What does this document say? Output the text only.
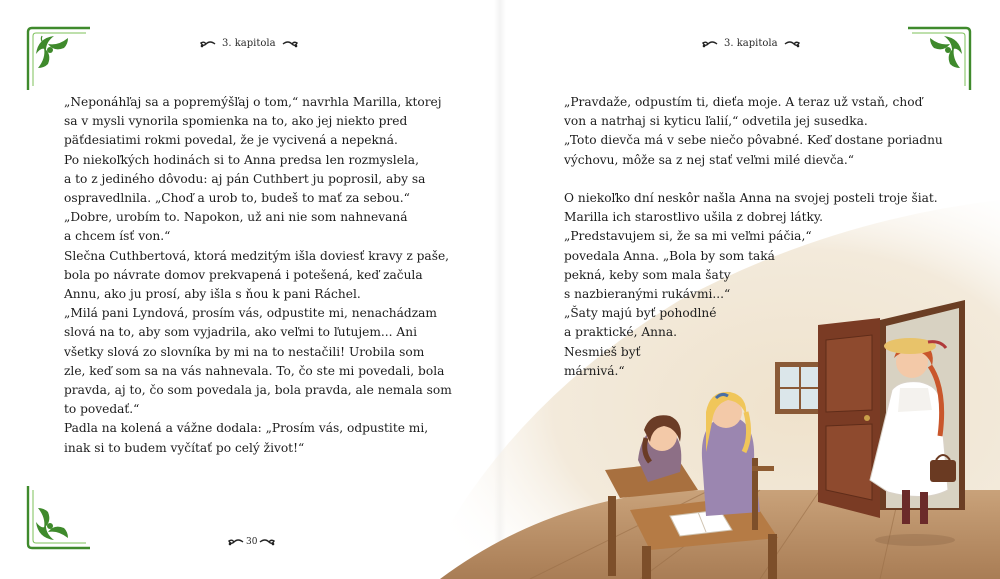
3. kapitola
„Neponáhľaj sa a popremýšľaj o tom,“ navrhla Marilla, ktorej
sa v mysli vynorila spomienka na to, ako jej niekto pred
päťdesiatimi rokmi povedal, že je vycivená a nepekná.
Po niekoľkých hodinách si to Anna predsa len rozmyslela,
a to z jediného dôvodu: aj pán Cuthbert ju poprosil, aby sa
ospravedlnila. „Choď a urob to, budeš to mať za sebou.“
„Dobre, urobím to. Napokon, už ani nie som nahnevaná
a chcem ísť von.“
Slečna Cuthbertová, ktorá medzitým išla doviesť kravy z paše,
bola po návrate domov prekvapená i potešená, keď začula
Annu, ako ju prosí, aby išla s ňou k pani Ráchel.
„Milá pani Lyndová, prosím vás, odpustite mi, nenachádzam
slová na to, aby som vyjadrila, ako veľmi to ľutujem... Ani
všetky slová zo slovníka by mi na to nestačili! Urobila som
zle, keď som sa na vás nahnevala. To, čo ste mi povedali, bola
pravda, aj to, čo som povedala ja, bola pravda, ale nemala som
to povedať.“
Padla na kolená a vážne dodala: „Prosím vás, odpustite mi,
inak si to budem vyčítať po celý život!“
30
3. kapitola
„Pravdaže, odpustím ti, dieťa moje. A teraz už vstaň, choď
von a natrhaj si kyticu ľalií,“ odvetila jej susedka.
„Toto dievča má v sebe niečo pôvabné. Keď dostane poriadnu
výchovu, môže sa z nej stať veľmi milé dievča.“
O niekoľko dní neskôr našla Anna na svojej posteli troje šiat.
Marilla ich starostlivo ušila z dobrej látky.
„Predstavujem si, že sa mi veľmi páčia,“
povedala Anna. „Bola by som taká
pekná, keby som mala šaty
s nazbieranými rukávmi...“
„Šaty majú byť pohodlné
a praktické, Anna.
Nesmieš byť
márnivá.“
